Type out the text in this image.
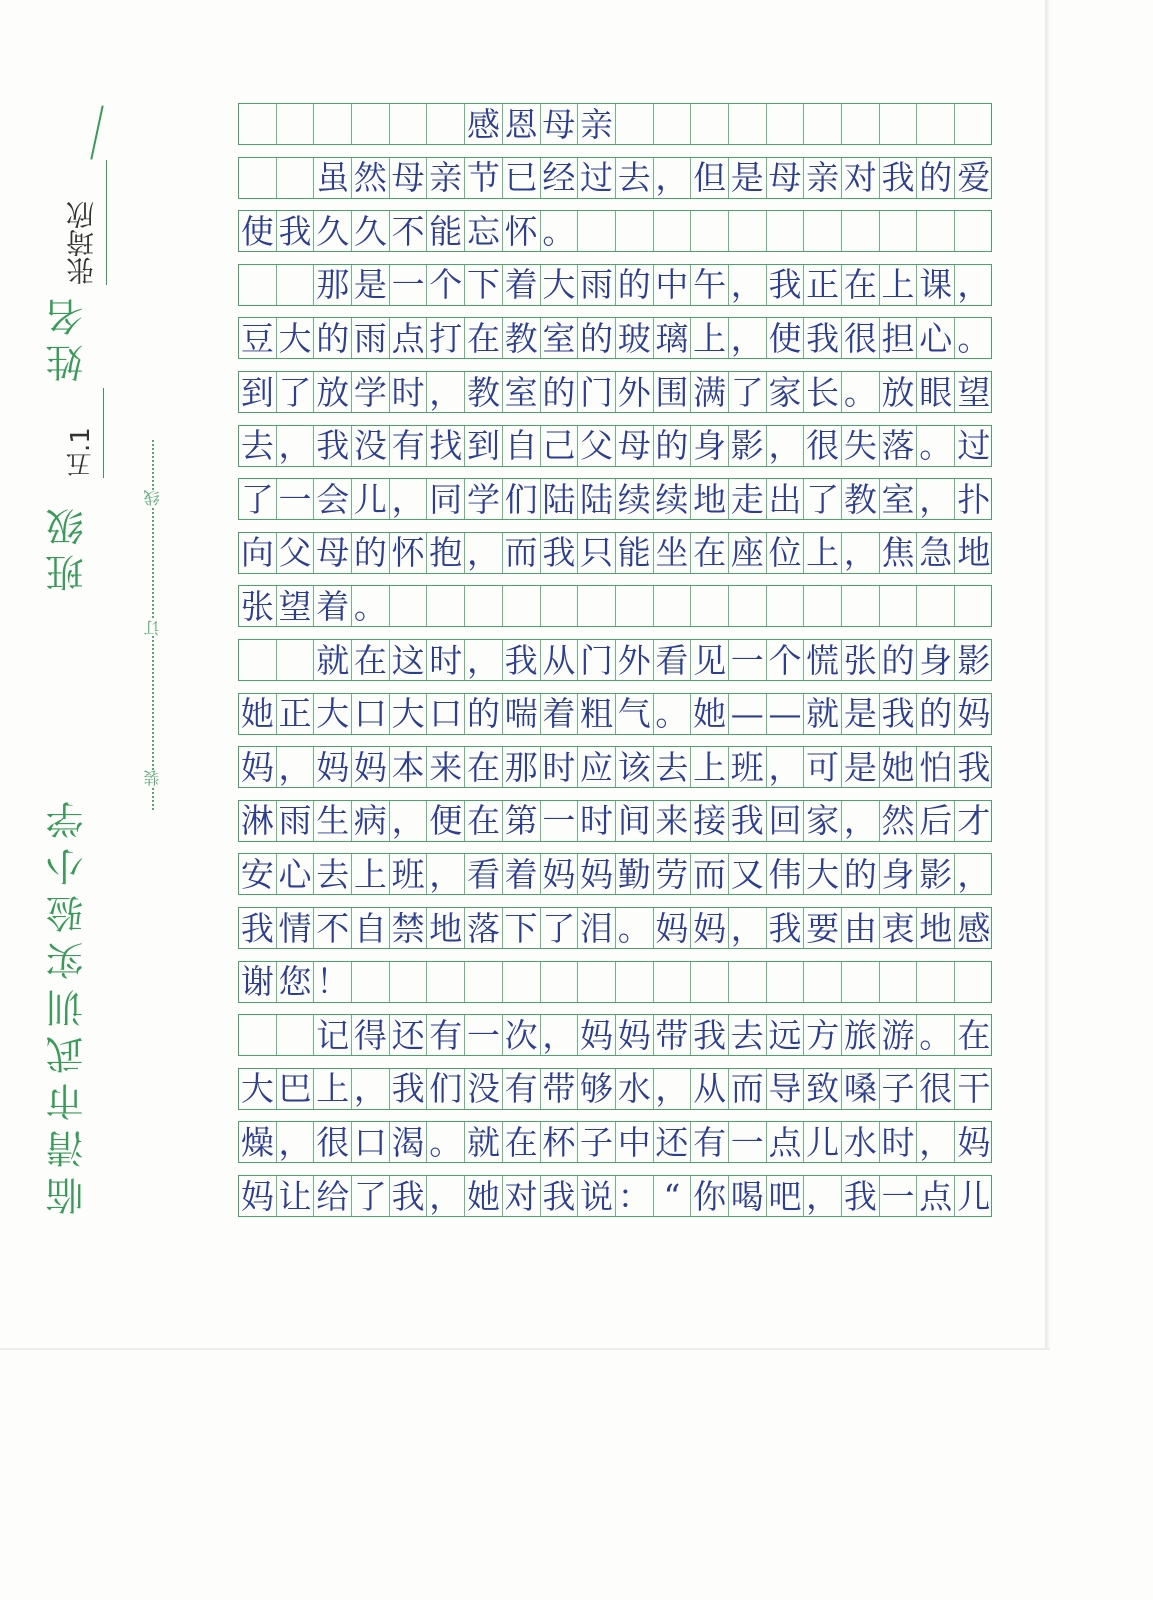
临清市武训实验小学
班级
五.1
姓名
张琦欣
装
订
线
感 恩 母 亲
虽 然 母 亲 节 已 经 过 去 ， 但 是 母 亲 对 我 的 爱
使 我 久 久 不 能 忘 怀 。
那 是 一 个 下 着 大 雨 的 中 午 ， 我 正 在 上 课 ，
豆 大 的 雨 点 打 在 教 室 的 玻 璃 上 ， 使 我 很 担 心 。
到 了 放 学 时 ， 教 室 的 门 外 围 满 了 家 长 。 放 眼 望
去 ， 我 没 有 找 到 自 己 父 母 的 身 影 ， 很 失 落 。 过
了 一 会 儿 ， 同 学 们 陆 陆 续 续 地 走 出 了 教 室 ， 扑
向 父 母 的 怀 抱 ， 而 我 只 能 坐 在 座 位 上 ， 焦 急 地
张 望 着 。
就 在 这 时 ， 我 从 门 外 看 见 一 个 慌 张 的 身 影
她 正 大 口 大 口 的 喘 着 粗 气 。 她 — — 就 是 我 的 妈
妈 ， 妈 妈 本 来 在 那 时 应 该 去 上 班 ， 可 是 她 怕 我
淋 雨 生 病 ， 便 在 第 一 时 间 来 接 我 回 家 ， 然 后 才
安 心 去 上 班 ， 看 着 妈 妈 勤 劳 而 又 伟 大 的 身 影 ，
我 情 不 自 禁 地 落 下 了 泪 。 妈 妈 ， 我 要 由 衷 地 感
谢 您 ！
记 得 还 有 一 次 ， 妈 妈 带 我 去 远 方 旅 游 。 在
大 巴 上 ， 我 们 没 有 带 够 水 ， 从 而 导 致 嗓 子 很 干
燥 ， 很 口 渴 。 就 在 杯 子 中 还 有 一 点 儿 水 时 ， 妈
妈 让 给 了 我 ， 她 对 我 说 ： “ 你 喝 吧 ， 我 一 点 儿
